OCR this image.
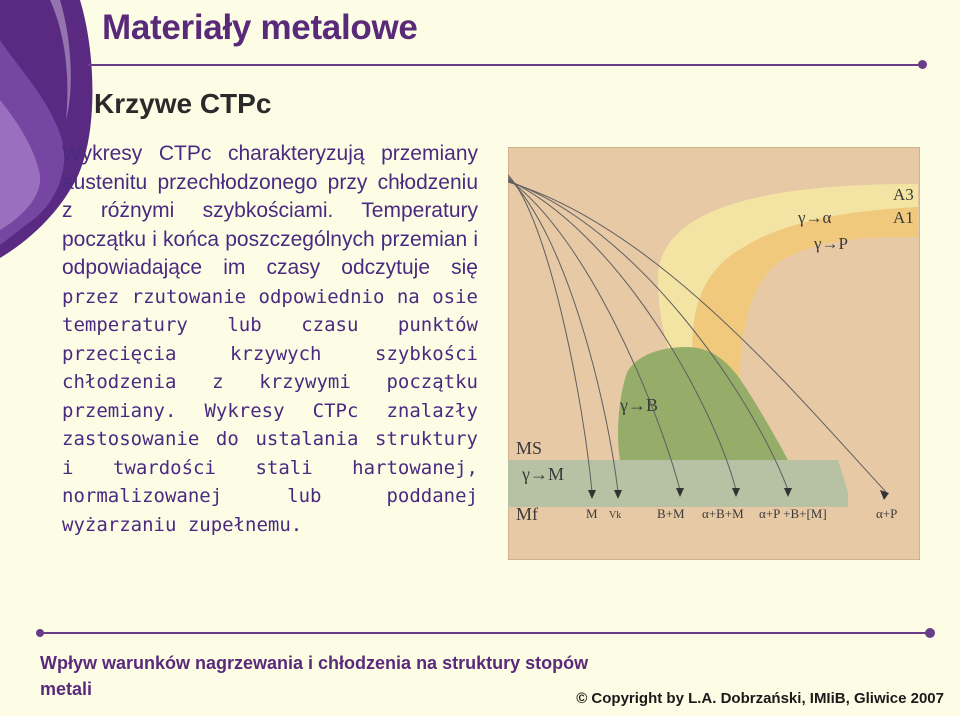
Materiały metalowe
Krzywe CTPc

Wykresy CTPc charakteryzują przemiany austenitu przechłodzonego przy chłodzeniu z różnymi szybkościami. Temperatury początku i końca poszczególnych przemian i odpowiadające im czasy odczytuje się przez rzutowanie odpowiednio na osie temperatury lub czasu punktów przecięcia krzywych szybkości chłodzenia z krzywymi początku przemiany. Wykresy CTPc znalazły zastosowanie do ustalania struktury i twardości stali hartowanej, normalizowanej lub poddanej wyżarzaniu zupełnemu.

γ→α
γ→P
γ→B
γ→M
A3
A1
MS
Mf	M Vk	B+M α+B+M α+P +B+[M]	α+P

Wpływ warunków nagrzewania i chłodzenia na struktury stopów metali	© Copyright by L.A. Dobrzański, IMIiB, Gliwice 2007
